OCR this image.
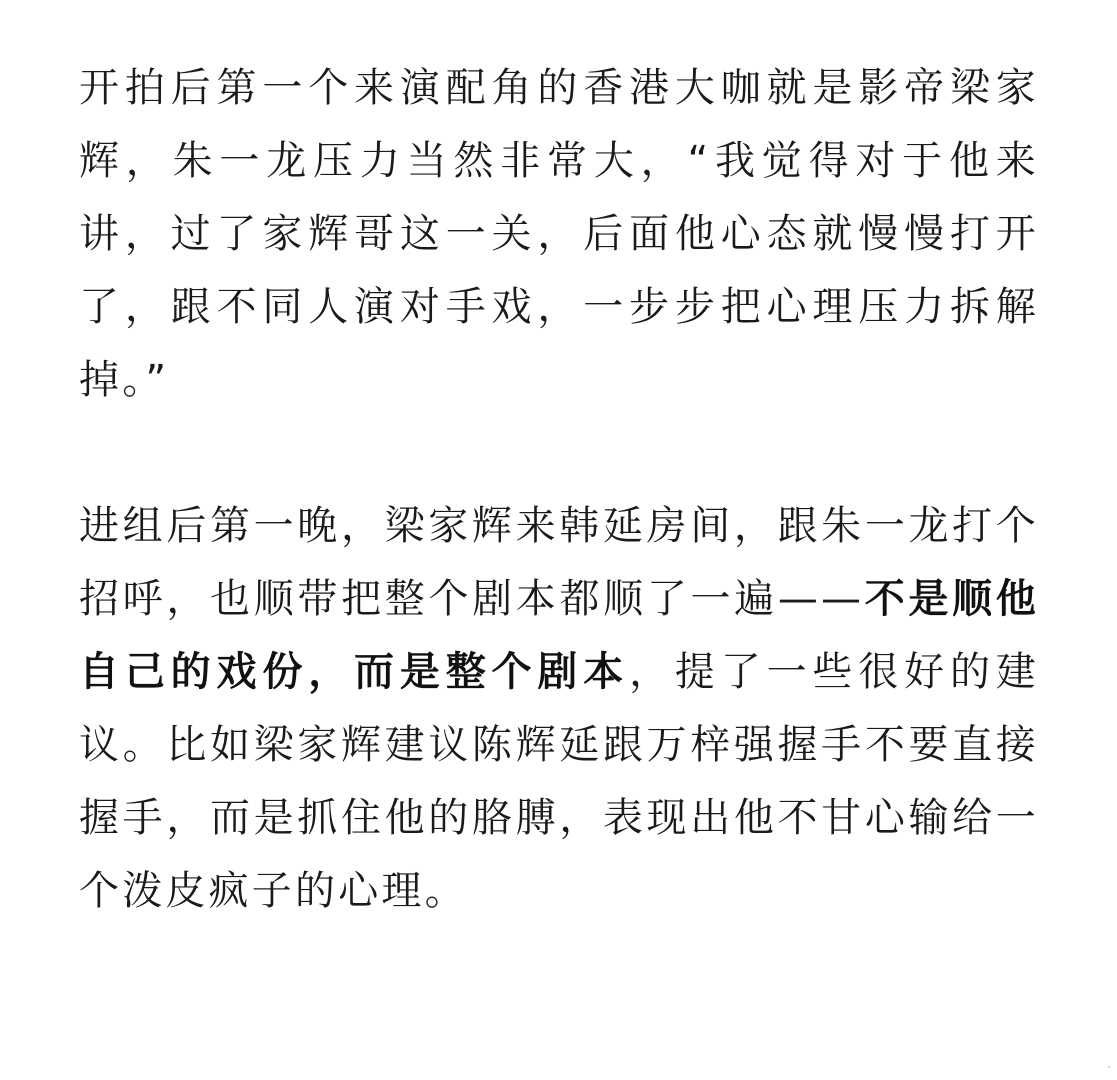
开拍后第一个来演配角的香港大咖就是影帝梁家辉，朱一龙压力当然非常大，“我觉得对于他来讲，过了家辉哥这一关，后面他心态就慢慢打开了，跟不同人演对手戏，一步步把心理压力拆解掉。”

进组后第一晚，梁家辉来韩延房间，跟朱一龙打个招呼，也顺带把整个剧本都顺了一遍——不是顺他自己的戏份，而是整个剧本，提了一些很好的建议。比如梁家辉建议陈辉延跟万梓强握手不要直接握手，而是抓住他的胳膊，表现出他不甘心输给一个泼皮疯子的心理。

·
